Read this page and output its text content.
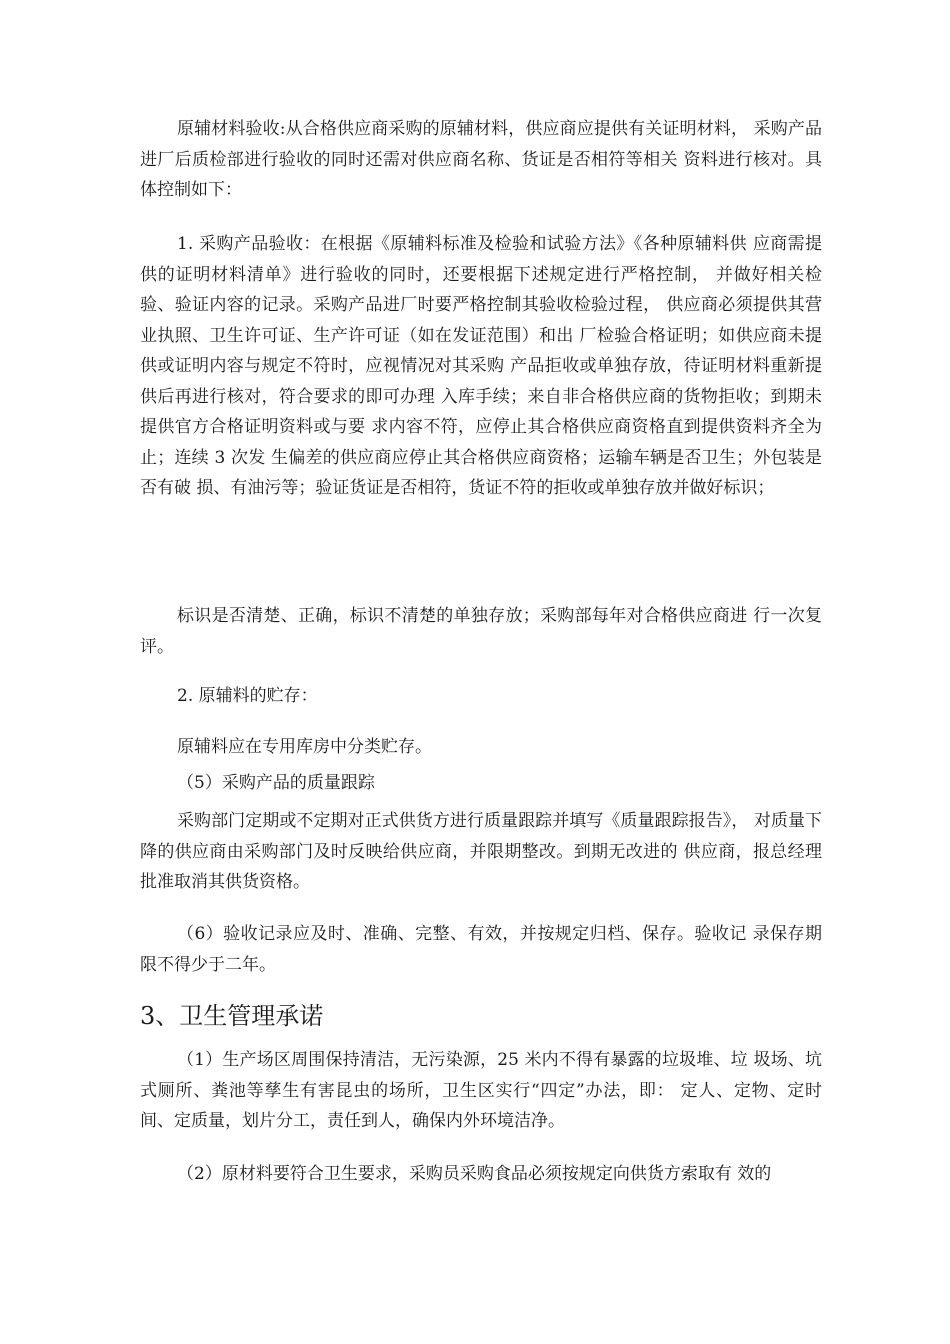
原辅材料验收:从合格供应商采购的原辅材料，供应商应提供有关证明材料， 采购产品进厂后质检部进行验收的同时还需对供应商名称、货证是否相符等相关 资料进行核对。具体控制如下：

1. 采购产品验收：在根据《原辅料标准及检验和试验方法》《各种原辅料供 应商需提供的证明材料清单》进行验收的同时，还要根据下述规定进行严格控制， 并做好相关检验、验证内容的记录。采购产品进厂时要严格控制其验收检验过程， 供应商必须提供其营业执照、卫生许可证、生产许可证（如在发证范围）和出 厂检验合格证明；如供应商未提供或证明内容与规定不符时，应视情况对其采购 产品拒收或单独存放，待证明材料重新提供后再进行核对，符合要求的即可办理 入库手续；来自非合格供应商的货物拒收；到期未提供官方合格证明资料或与要 求内容不符，应停止其合格供应商资格直到提供资料齐全为止；连续 3 次发 生偏差的供应商应停止其合格供应商资格；运输车辆是否卫生；外包装是否有破 损、有油污等；验证货证是否相符，货证不符的拒收或单独存放并做好标识；

标识是否清楚、正确，标识不清楚的单独存放；采购部每年对合格供应商进 行一次复评。

2. 原辅料的贮存：

原辅料应在专用库房中分类贮存。

（5）采购产品的质量跟踪

采购部门定期或不定期对正式供货方进行质量跟踪并填写《质量跟踪报告》， 对质量下降的供应商由采购部门及时反映给供应商，并限期整改。到期无改进的 供应商，报总经理批准取消其供货资格。

（6）验收记录应及时、准确、完整、有效，并按规定归档、保存。验收记 录保存期限不得少于二年。

3、卫生管理承诺

（1）生产场区周围保持清洁，无污染源，25 米内不得有暴露的垃圾堆、垃 圾场、坑式厕所、粪池等孳生有害昆虫的场所，卫生区实行“四定”办法，即： 定人、定物、定时间、定质量，划片分工，责任到人，确保内外环境洁净。

（2）原材料要符合卫生要求，采购员采购食品必须按规定向供货方索取有 效的
